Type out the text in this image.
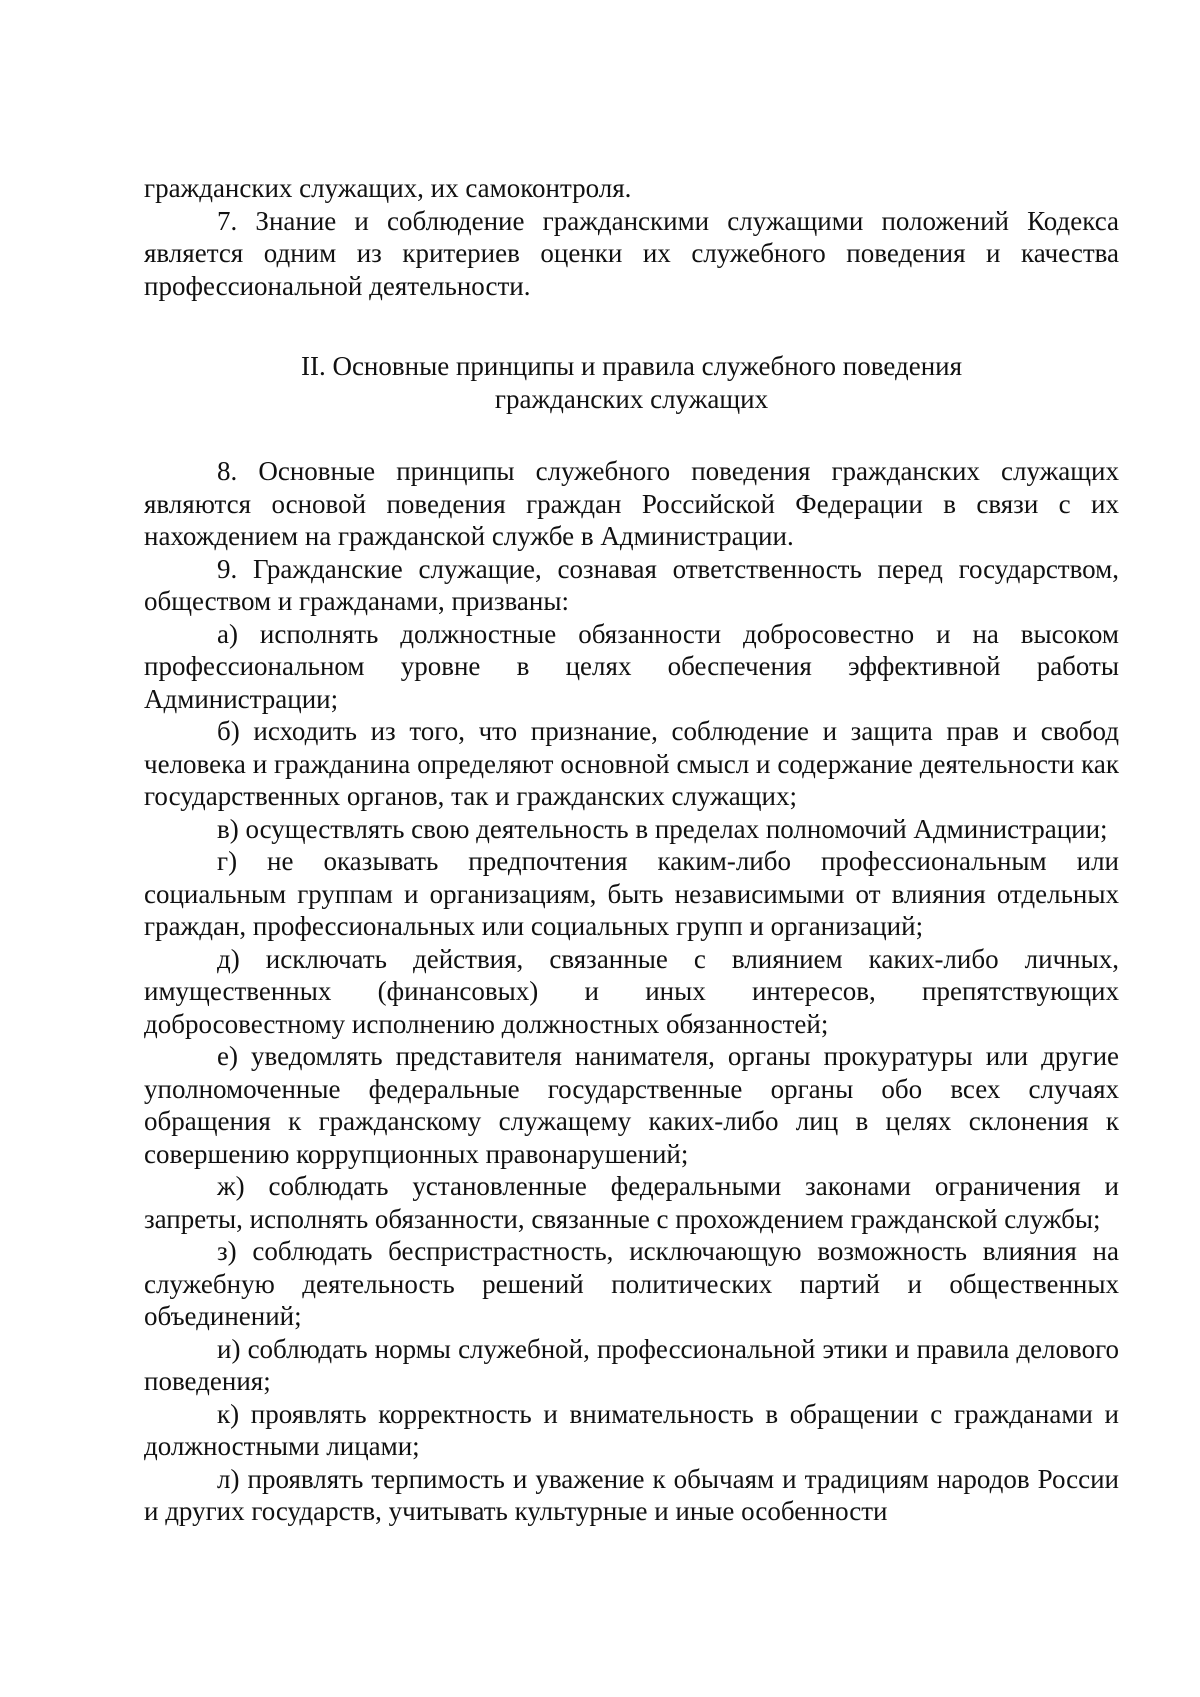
гражданских служащих, их самоконтроля.

7. Знание и соблюдение гражданскими служащими положений Кодекса является одним из критериев оценки их служебного поведения и качества профессиональной деятельности.

II. Основные принципы и правила служебного поведения
гражданских служащих

8. Основные принципы служебного поведения гражданских служащих являются основой поведения граждан Российской Федерации в связи с их нахождением на гражданской службе в Администрации.

9. Гражданские служащие, сознавая ответственность перед государством, обществом и гражданами, призваны:

а) исполнять должностные обязанности добросовестно и на высоком профессиональном уровне в целях обеспечения эффективной работы Администрации;

б) исходить из того, что признание, соблюдение и защита прав и свобод человека и гражданина определяют основной смысл и содержание деятельности как государственных органов, так и гражданских служащих;

в) осуществлять свою деятельность в пределах полномочий Администрации;

г) не оказывать предпочтения каким-либо профессиональным или социальным группам и организациям, быть независимыми от влияния отдельных граждан, профессиональных или социальных групп и организаций;

д) исключать действия, связанные с влиянием каких-либо личных, имущественных (финансовых) и иных интересов, препятствующих добросовестному исполнению должностных обязанностей;

е) уведомлять представителя нанимателя, органы прокуратуры или другие уполномоченные федеральные государственные органы обо всех случаях обращения к гражданскому служащему каких-либо лиц в целях склонения к совершению коррупционных правонарушений;

ж) соблюдать установленные федеральными законами ограничения и запреты, исполнять обязанности, связанные с прохождением гражданской службы;

з) соблюдать беспристрастность, исключающую возможность влияния на служебную деятельность решений политических партий и общественных объединений;

и) соблюдать нормы служебной, профессиональной этики и правила делового поведения;

к) проявлять корректность и внимательность в обращении с гражданами и должностными лицами;

л) проявлять терпимость и уважение к обычаям и традициям народов России и других государств, учитывать культурные и иные особенности
